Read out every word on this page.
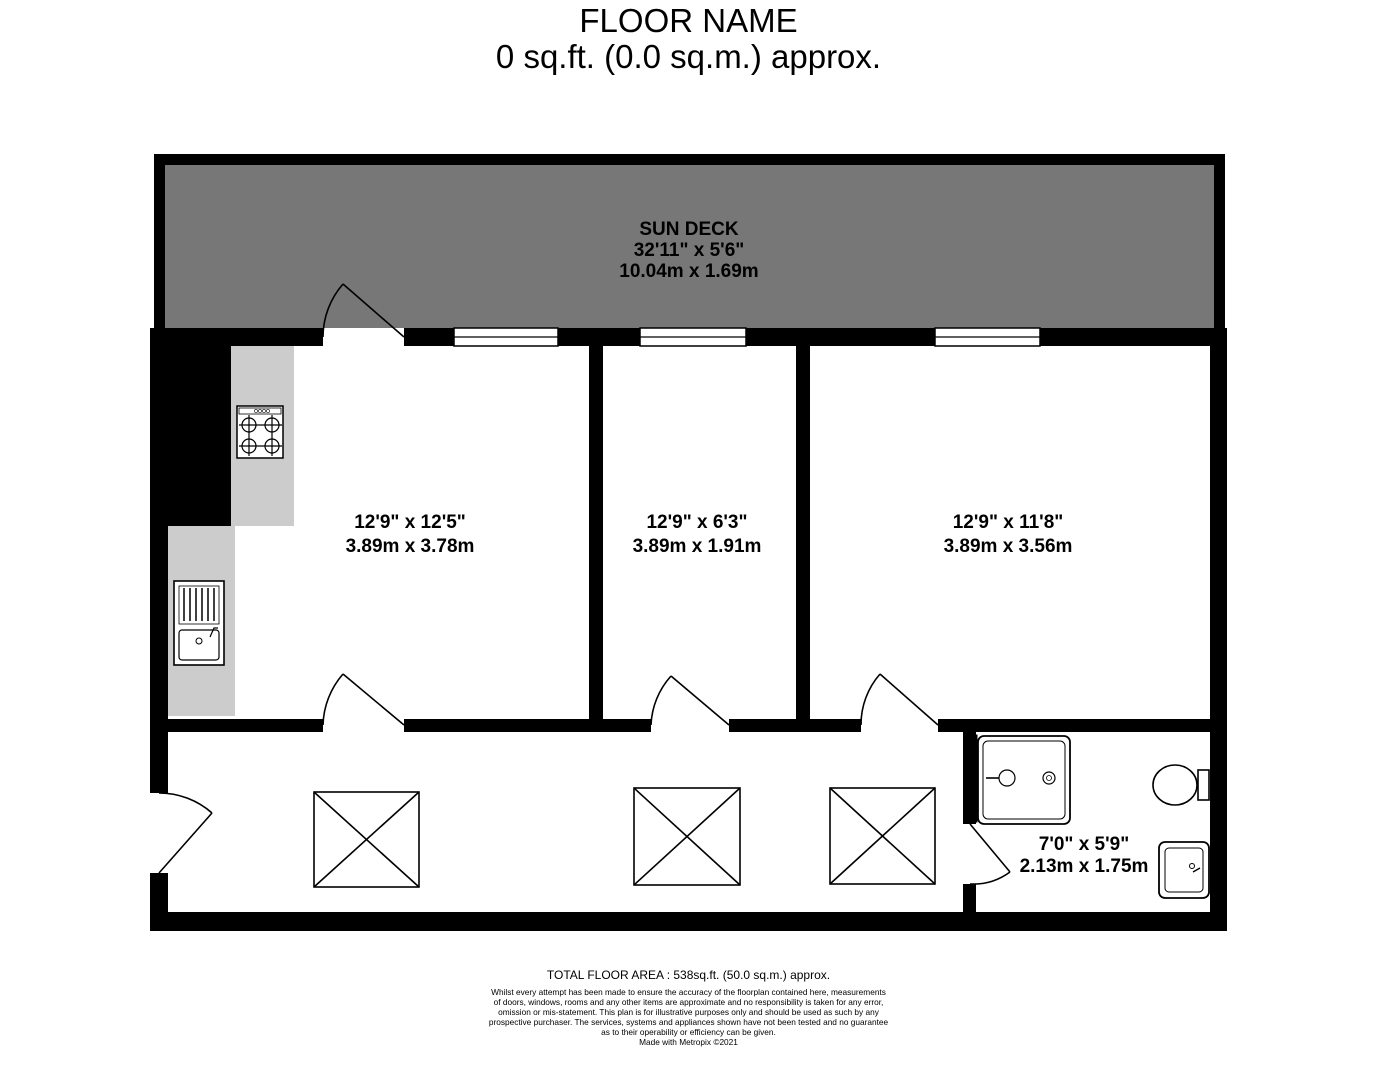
FLOOR NAME
0 sq.ft. (0.0 sq.m.) approx.
SUN DECK
32'11" x 5'6"
10.04m x 1.69m
12'9" x 12'5"
3.89m x 3.78m
12'9" x 6'3"
3.89m x 1.91m
12'9" x 11'8"
3.89m x 3.56m
7'0" x 5'9"
2.13m x 1.75m
TOTAL FLOOR AREA : 538sq.ft. (50.0 sq.m.) approx.
Whilst every attempt has been made to ensure the accuracy of the floorplan contained here, measurements
of doors, windows, rooms and any other items are approximate and no responsibility is taken for any error,
omission or mis-statement. This plan is for illustrative purposes only and should be used as such by any
prospective purchaser. The services, systems and appliances shown have not been tested and no guarantee
as to their operability or efficiency can be given.
Made with Metropix ©2021
